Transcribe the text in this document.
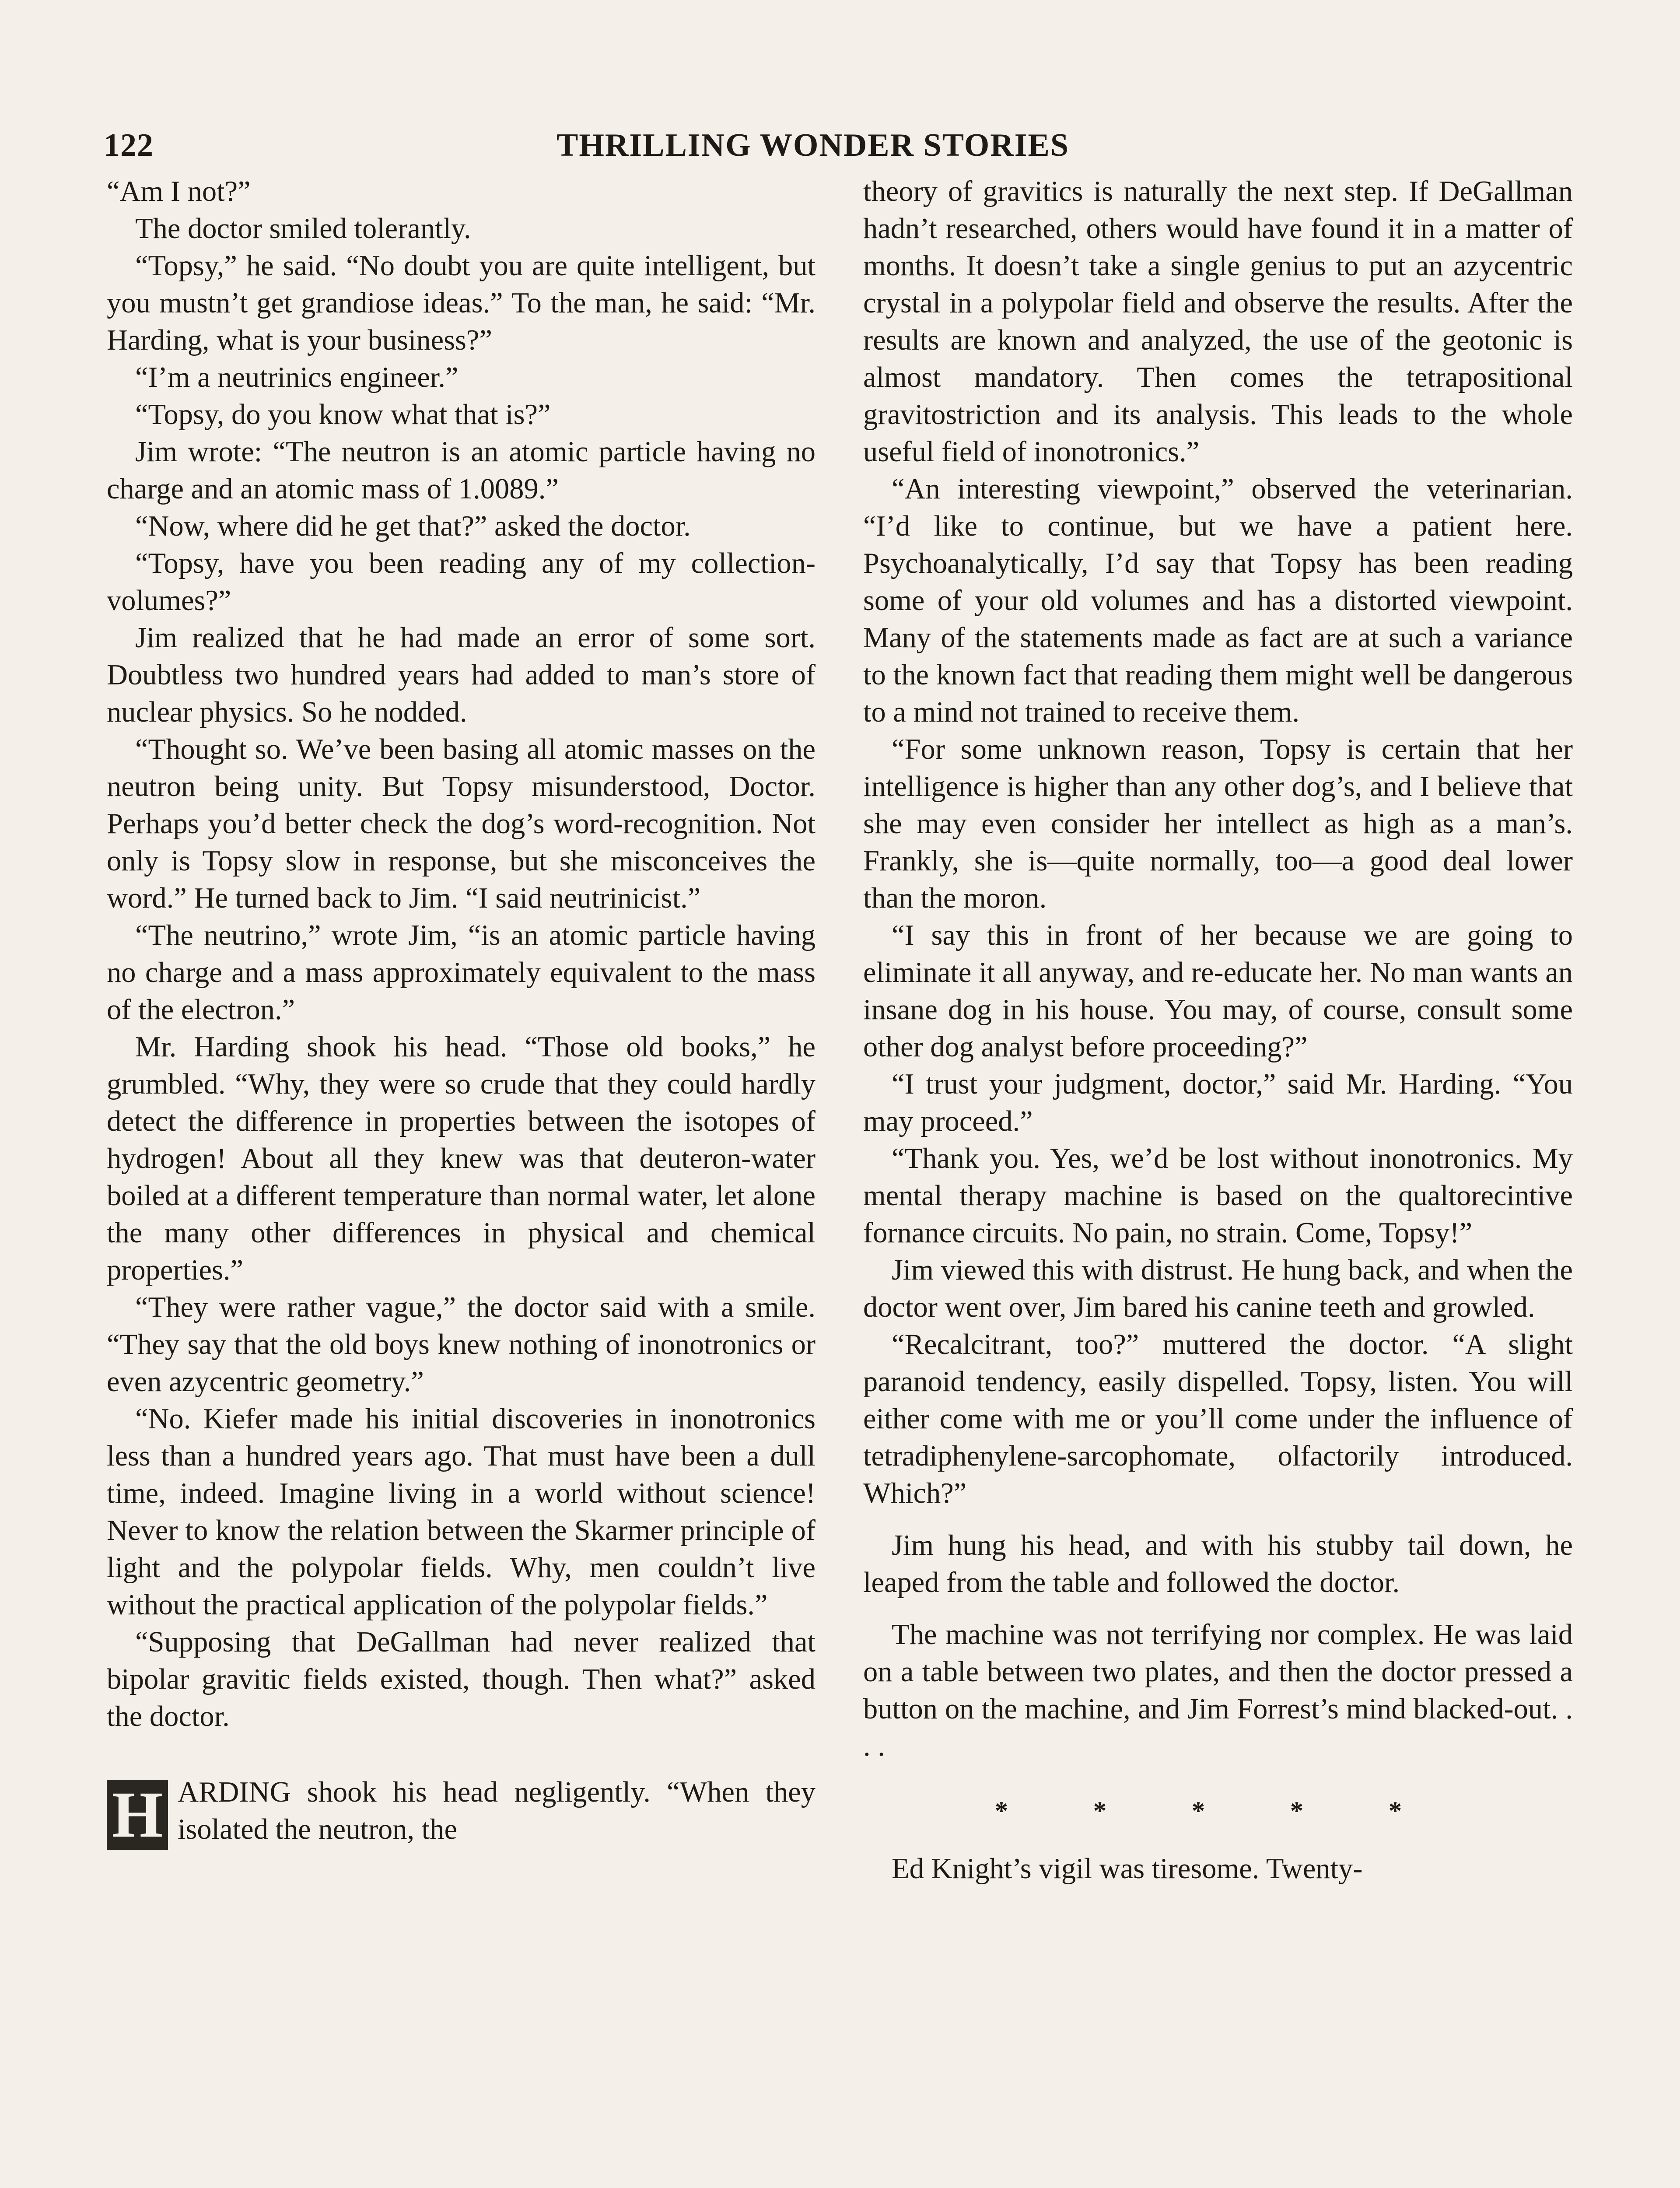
122	THRILLING WONDER STORIES

“Am I not?”

The doctor smiled tolerantly.

“Topsy,” he said. “No doubt you are quite intelligent, but you mustn’t get grandiose ideas.” To the man, he said: “Mr. Harding, what is your business?”

“I’m a neutrinics engineer.”

“Topsy, do you know what that is?”

Jim wrote: “The neutron is an atomic particle having no charge and an atomic mass of 1.0089.”

“Now, where did he get that?” asked the doctor.

“Topsy, have you been reading any of my collection-volumes?”

Jim realized that he had made an error of some sort. Doubtless two hundred years had added to man’s store of nuclear physics. So he nodded.

“Thought so. We’ve been basing all atomic masses on the neutron being unity. But Topsy misunderstood, Doctor. Perhaps you’d better check the dog’s word-recognition. Not only is Topsy slow in response, but she misconceives the word.” He turned back to Jim. “I said neutrinicist.”

“The neutrino,” wrote Jim, “is an atomic particle having no charge and a mass approximately equivalent to the mass of the electron.”

Mr. Harding shook his head. “Those old books,” he grumbled. “Why, they were so crude that they could hardly detect the difference in properties between the isotopes of hydrogen! About all they knew was that deuteron-water boiled at a different temperature than normal water, let alone the many other differences in physical and chemical properties.”

“They were rather vague,” the doctor said with a smile. “They say that the old boys knew nothing of inonotronics or even azycentric geometry.”

“No. Kiefer made his initial discoveries in inonotronics less than a hundred years ago. That must have been a dull time, indeed. Imagine living in a world without science! Never to know the relation between the Skarmer principle of light and the polypolar fields. Why, men couldn’t live without the practical application of the polypolar fields.”

“Supposing that DeGallman had never realized that bipolar gravitic fields existed, though. Then what?” asked the doctor.

H ARDING shook his head negligently. “When they isolated the neutron, the

theory of gravitics is naturally the next step. If DeGallman hadn’t researched, others would have found it in a matter of months. It doesn’t take a single genius to put an azycentric crystal in a polypolar field and observe the results. After the results are known and analyzed, the use of the geotonic is almost mandatory. Then comes the tetrapositional gravitostriction and its analysis. This leads to the whole useful field of inonotronics.”

“An interesting viewpoint,” observed the veterinarian. “I’d like to continue, but we have a patient here. Psychoanalytically, I’d say that Topsy has been reading some of your old volumes and has a distorted viewpoint. Many of the statements made as fact are at such a variance to the known fact that reading them might well be dangerous to a mind not trained to receive them.

“For some unknown reason, Topsy is certain that her intelligence is higher than any other dog’s, and I believe that she may even consider her intellect as high as a man’s. Frankly, she is—quite normally, too—a good deal lower than the moron.

“I say this in front of her because we are going to eliminate it all anyway, and re-educate her. No man wants an insane dog in his house. You may, of course, consult some other dog analyst before proceeding?”

“I trust your judgment, doctor,” said Mr. Harding. “You may proceed.”

“Thank you. Yes, we’d be lost without inonotronics. My mental therapy machine is based on the qualtorecintive fornance circuits. No pain, no strain. Come, Topsy!”

Jim viewed this with distrust. He hung back, and when the doctor went over, Jim bared his canine teeth and growled.

“Recalcitrant, too?” muttered the doctor. “A slight paranoid tendency, easily dispelled. Topsy, listen. You will either come with me or you’ll come under the influence of tetradiphenylene-sarcophomate, olfactorily introduced. Which?”

Jim hung his head, and with his stubby tail down, he leaped from the table and followed the doctor.

The machine was not terrifying nor complex. He was laid on a table between two plates, and then the doctor pressed a button on the machine, and Jim Forrest’s mind blacked-out. . . .

* * * * *

Ed Knight’s vigil was tiresome. Twenty-
